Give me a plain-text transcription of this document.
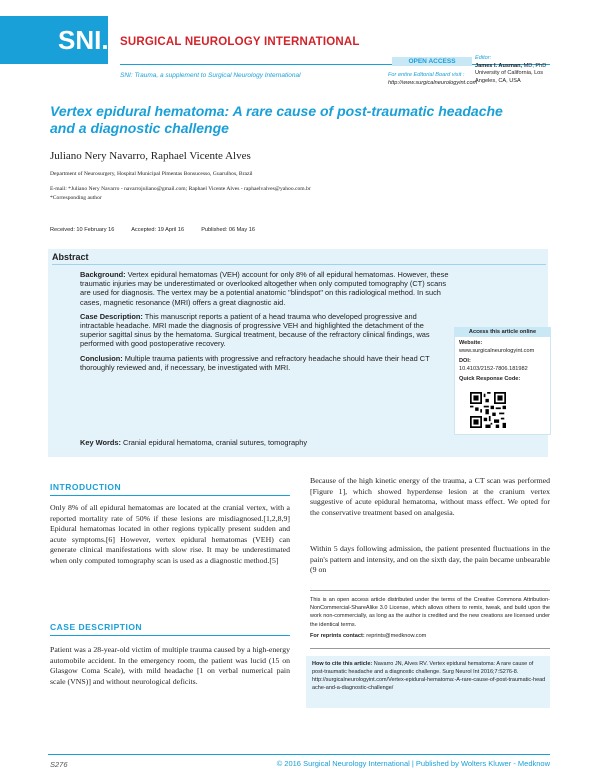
SNI. SURGICAL NEUROLOGY INTERNATIONAL
SNI: Trauma, a supplement to Surgical Neurology International
OPEN ACCESS
For entire Editorial Board visit :
http://www.surgicalneurologyint.com
Editor:
James I. Ausman, MD, PhD
University of California, Los
Angeles, CA, USA
Vertex epidural hematoma: A rare cause of post-traumatic headache and a diagnostic challenge
Juliano Nery Navarro, Raphael Vicente Alves
Department of Neurosurgery, Hospital Municipal Pimentas Bonsucesso, Guarulhos, Brazil
E-mail: *Juliano Nery Navarro - navarrojuliano@gmail.com; Raphael Vicente Alves - raphaelvalves@yahoo.com.br
*Corresponding author
Received: 10 February 16	Accepted: 19 April 16	Published: 06 May 16
Abstract

Background: Vertex epidural hematomas (VEH) account for only 8% of all epidural hematomas. However, these traumatic injuries may be underestimated or overlooked altogether when only computed tomography (CT) scans are used for diagnosis. The vertex may be a potential anatomic "blindspot" on this radiological method. In such cases, magnetic resonance (MRI) offers a great diagnostic aid.

Case Description: This manuscript reports a patient of a head trauma who developed progressive and intractable headache. MRI made the diagnosis of progressive VEH and highlighted the detachment of the superior sagittal sinus by the hematoma. Surgical treatment, because of the refractory clinical findings, was performed with good postoperative recovery.

Conclusion: Multiple trauma patients with progressive and refractory headache should have their head CT thoroughly reviewed and, if necessary, be investigated with MRI.

Key Words: Cranial epidural hematoma, cranial sutures, tomography
Access this article online
Website:
www.surgicalneurologyint.com
DOI:
10.4103/2152-7806.181982
Quick Response Code:
INTRODUCTION
Only 8% of all epidural hematomas are located at the cranial vertex, with a reported mortality rate of 50% if these lesions are misdiagnosed.[1,2,8,9] Epidural hematomas located in other regions typically present sudden and acute symptoms.[6] However, vertex epidural hematomas (VEH) can generate clinical manifestations with slow rise. It may be underestimated when only computed tomography scan is used as a diagnostic method.[5]
CASE DESCRIPTION
Patient was a 28-year-old victim of multiple trauma caused by a high-energy automobile accident. In the emergency room, the patient was lucid (15 on Glasgow Coma Scale), with mild headache [1 on verbal numerical pain scale (VNS)] and without neurological deficits.
Because of the high kinetic energy of the trauma, a CT scan was performed [Figure 1], which showed hyperdense lesion at the cranium vertex suggestive of acute epidural hematoma, without mass effect. We opted for the conservative treatment based on analgesia.
Within 5 days following admission, the patient presented fluctuations in the pain's pattern and intensity, and on the sixth day, the pain became unbearable (9 on
This is an open access article distributed under the terms of the Creative Commons Attribution-NonCommercial-ShareAlike 3.0 License, which allows others to remix, tweak, and build upon the work non-commercially, as long as the author is credited and the new creations are licensed under the identical terms.
For reprints contact: reprints@medknow.com
How to cite this article: Navarro JN, Alves RV. Vertex epidural hematoma: A rare cause of post-traumatic headache and a diagnostic challenge. Surg Neurol Int 2016;7:S276-8.
http://surgicalneurologyint.com/Vertex-epidural-hematoma:-A-rare-cause-of-post-traumatic-headache-and-a-diagnostic-challenge/
S276	© 2016 Surgical Neurology International | Published by Wolters Kluwer - Medknow
